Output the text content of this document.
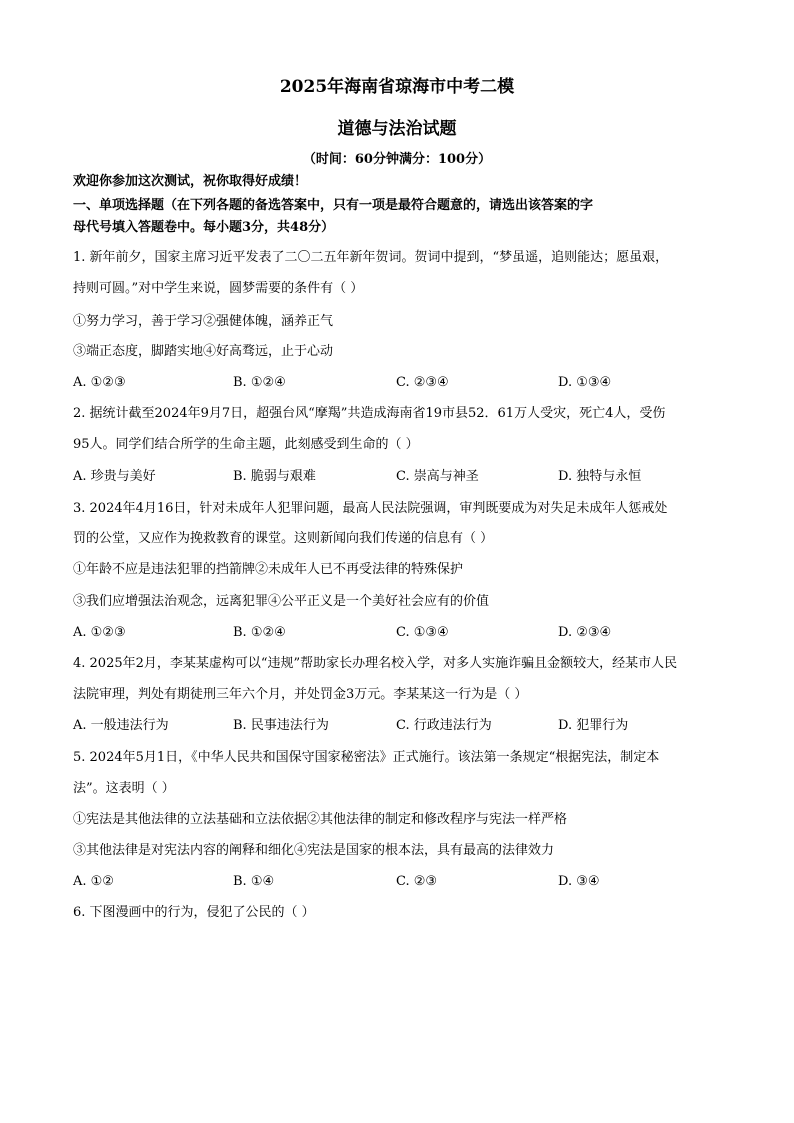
2025年海南省琼海市中考二模
道德与法治试题
（时间：60分钟满分：100分）
欢迎你参加这次测试，祝你取得好成绩！
一、单项选择题（在下列各题的备选答案中，只有一项是最符合题意的，请选出该答案的字
母代号填入答题卷中。每小题3分，共48分）
1. 新年前夕，国家主席习近平发表了二〇二五年新年贺词。贺词中提到，“梦虽遥，追则能达；愿虽艰，
持则可圆。”对中学生来说，圆梦需要的条件有（ ）
①努力学习，善于学习②强健体魄，涵养正气
③端正态度，脚踏实地④好高骛远，止于心动
A. ①②③	B. ①②④	C. ②③④	D. ①③④
2. 据统计截至2024年9月7日，超强台风“摩羯”共造成海南省19市县52．61万人受灾，死亡4人，受伤
95人。同学们结合所学的生命主题，此刻感受到生命的（ ）
A. 珍贵与美好	B. 脆弱与艰难	C. 崇高与神圣	D. 独特与永恒
3. 2024年4月16日，针对未成年人犯罪问题，最高人民法院强调，审判既要成为对失足未成年人惩戒处
罚的公堂，又应作为挽救教育的课堂。这则新闻向我们传递的信息有（ ）
①年龄不应是违法犯罪的挡箭牌②未成年人已不再受法律的特殊保护
③我们应增强法治观念，远离犯罪④公平正义是一个美好社会应有的价值
A. ①②③	B. ①②④	C. ①③④	D. ②③④
4. 2025年2月，李某某虚构可以“违规”帮助家长办理名校入学，对多人实施诈骗且金额较大，经某市人民
法院审理，判处有期徒刑三年六个月，并处罚金3万元。李某某这一行为是（ ）
A. 一般违法行为	B. 民事违法行为	C. 行政违法行为	D. 犯罪行为
5. 2024年5月1日，《中华人民共和国保守国家秘密法》正式施行。该法第一条规定“根据宪法，制定本
法”。这表明（ ）
①宪法是其他法律的立法基础和立法依据②其他法律的制定和修改程序与宪法一样严格
③其他法律是对宪法内容的阐释和细化④宪法是国家的根本法，具有最高的法律效力
A. ①②	B. ①④	C. ②③	D. ③④
6. 下图漫画中的行为，侵犯了公民的（ ）
